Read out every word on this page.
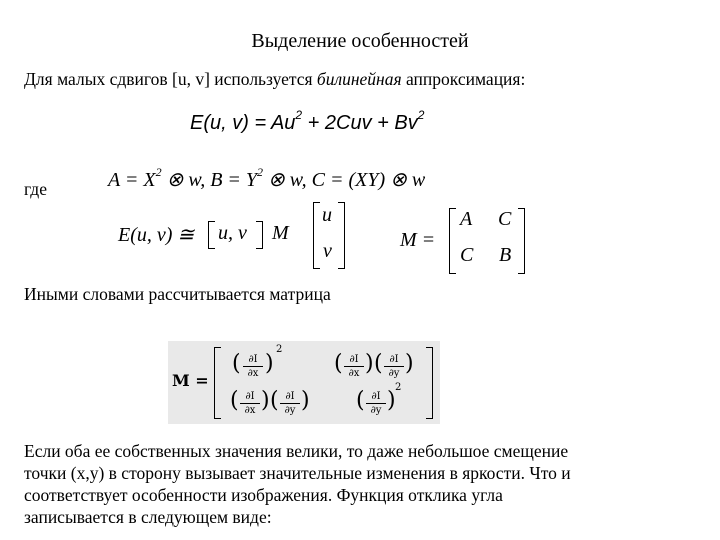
Выделение особенностей
Для малых сдвигов [u, v] используется билинейная аппроксимация:
E(u, $v) = Au^2 + 2Cuv + Bv^2$
где	$A = X^2$ ⊗ w, $B = Y^2$ ⊗ w, C = (XY) ⊗ w
E(u, v) ≅ u, v M
u
v	M =
A C
C B
Иными словами рассчитывается матрица
M =
( ∂I
∂x )
2
( ∂I
∂x ) ( ∂I
∂y )
( ∂I
∂x ) ( ∂I
∂y ) ( ∂I
∂y )
2
Если оба ее собственных значения велики, то даже небольшое смещение
точки (x,y) в сторону вызывает значительные изменения в яркости. Что и
соответствует особенности изображения. Функция отклика угла
записывается в следующем виде:
